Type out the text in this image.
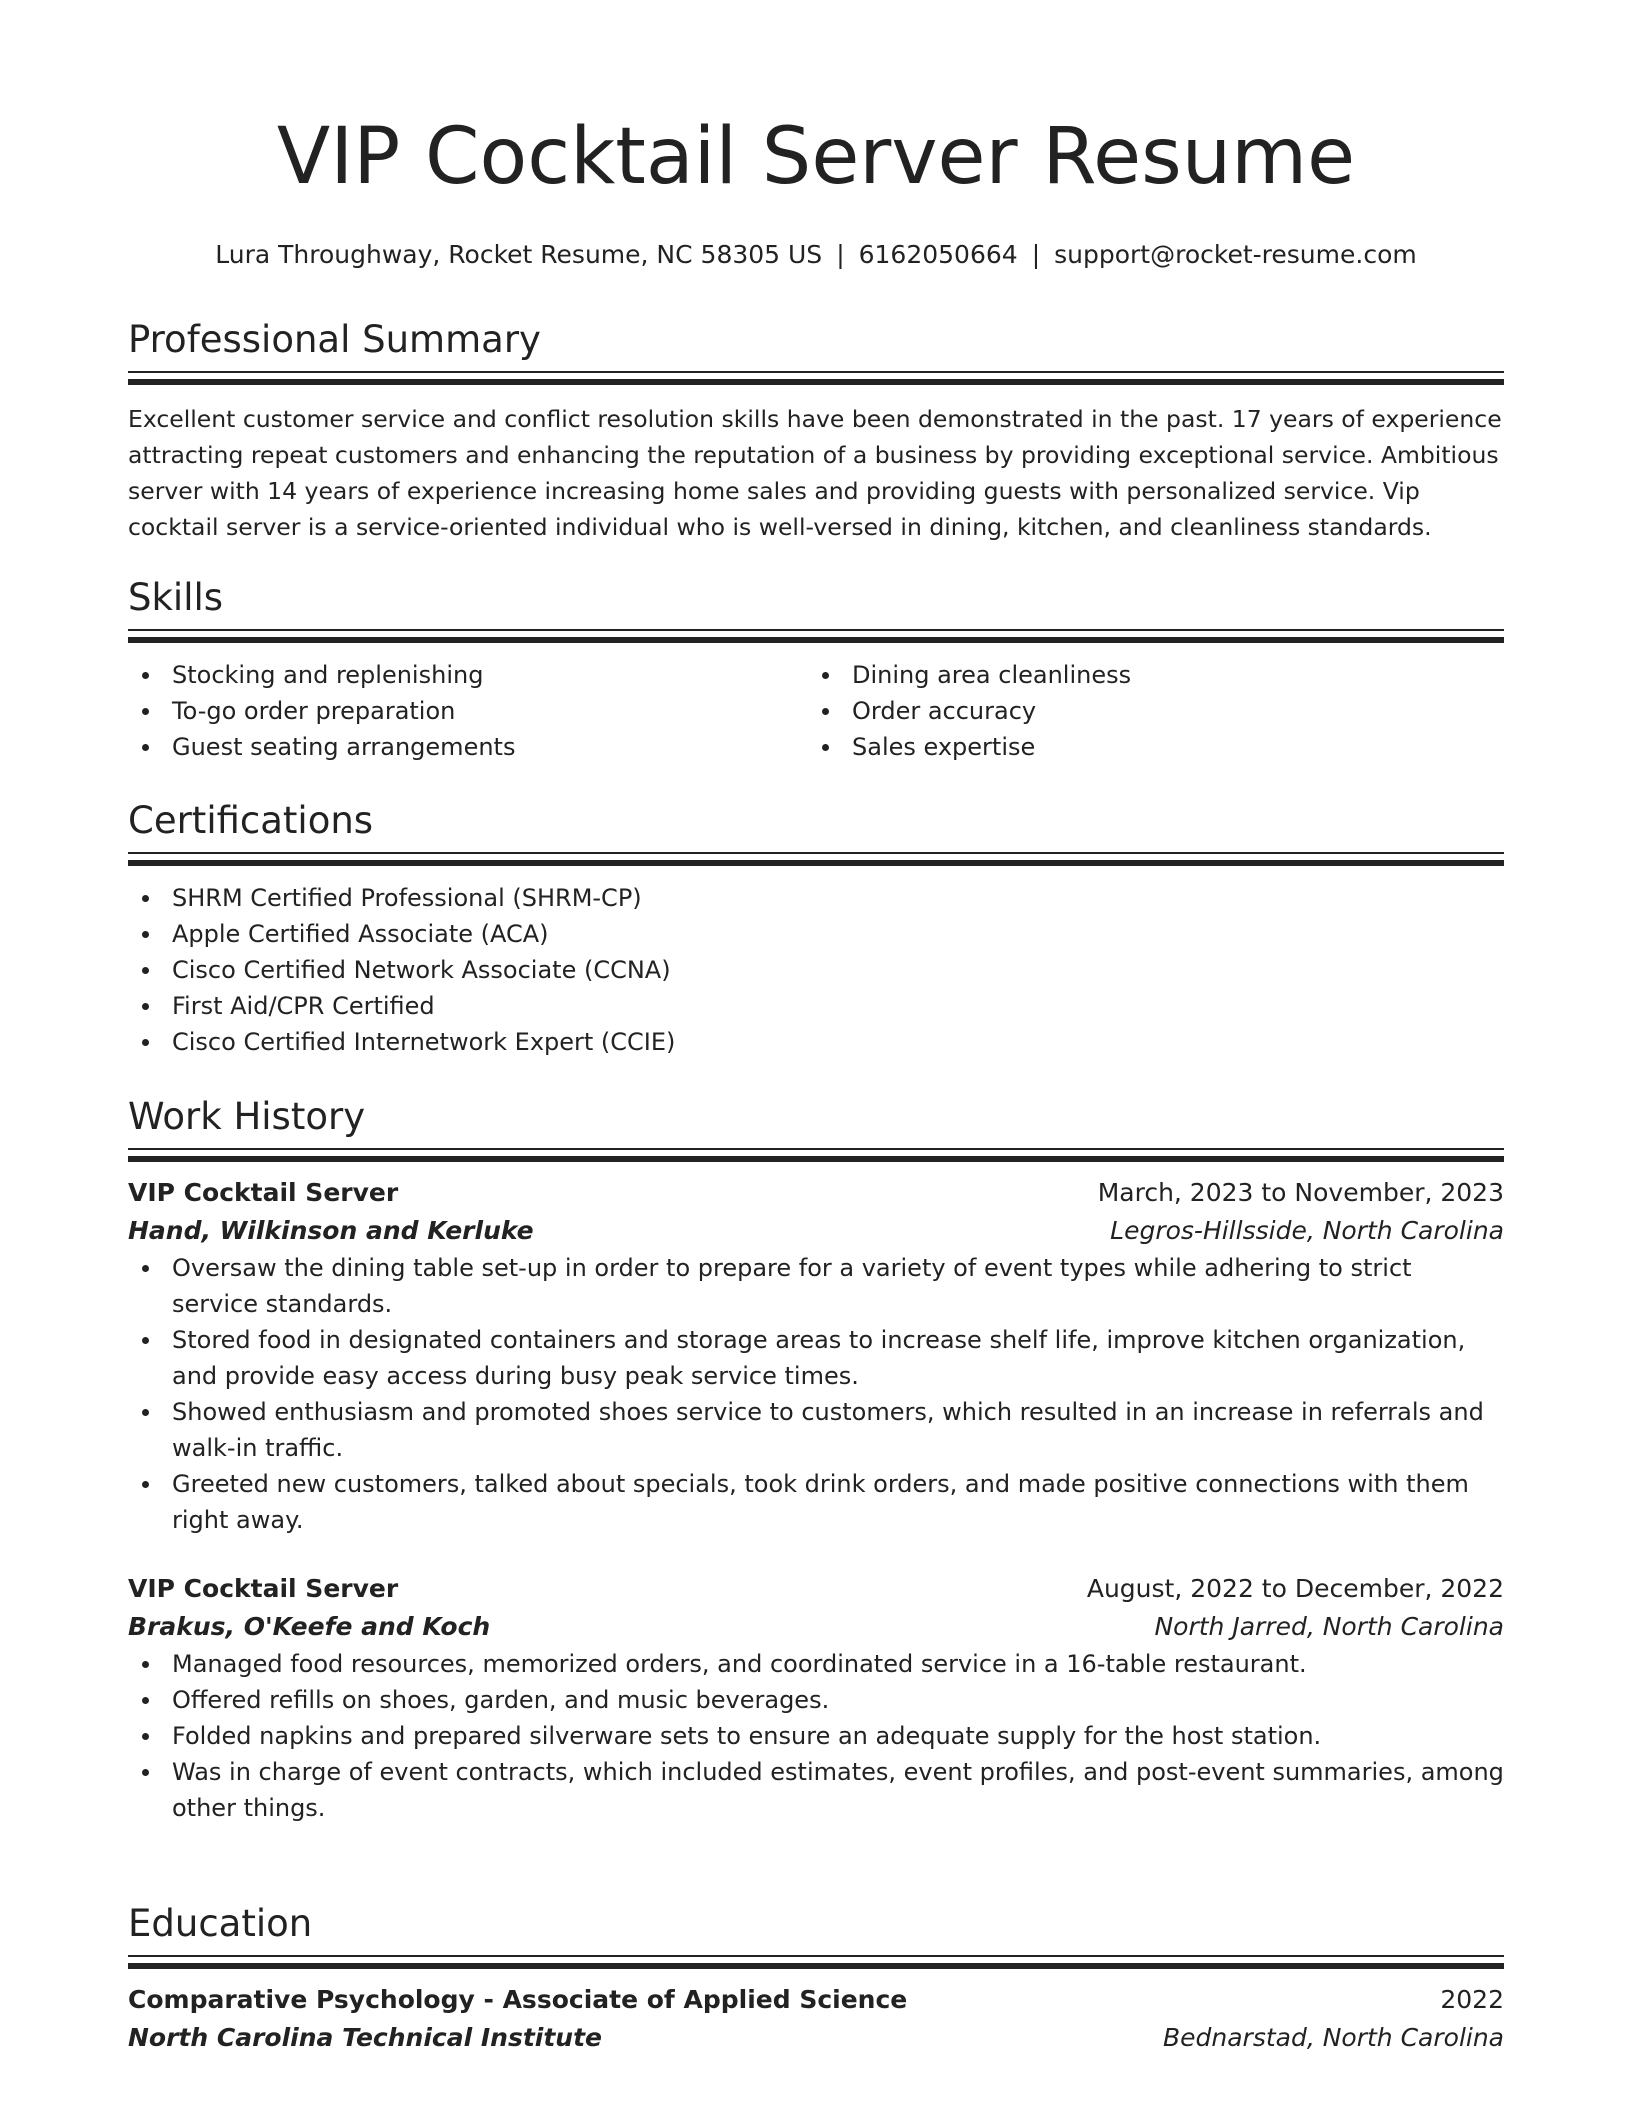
VIP Cocktail Server Resume
Lura Throughway, Rocket Resume, NC 58305 US | 6162050664 | support@rocket-resume.com
Professional Summary
Excellent customer service and conflict resolution skills have been demonstrated in the past. 17 years of experience attracting repeat customers and enhancing the reputation of a business by providing exceptional service. Ambitious server with 14 years of experience increasing home sales and providing guests with personalized service. Vip cocktail server is a service-oriented individual who is well-versed in dining, kitchen, and cleanliness standards.
Skills
Stocking and replenishing
To-go order preparation
Guest seating arrangements
Dining area cleanliness
Order accuracy
Sales expertise
Certifications
SHRM Certified Professional (SHRM-CP)
Apple Certified Associate (ACA)
Cisco Certified Network Associate (CCNA)
First Aid/CPR Certified
Cisco Certified Internetwork Expert (CCIE)
Work History
VIP Cocktail Server	March, 2023 to November, 2023
Hand, Wilkinson and Kerluke	Legros-Hillsside, North Carolina
Oversaw the dining table set-up in order to prepare for a variety of event types while adhering to strict service standards.
Stored food in designated containers and storage areas to increase shelf life, improve kitchen organization, and provide easy access during busy peak service times.
Showed enthusiasm and promoted shoes service to customers, which resulted in an increase in referrals and walk-in traffic.
Greeted new customers, talked about specials, took drink orders, and made positive connections with them right away.
VIP Cocktail Server	August, 2022 to December, 2022
Brakus, O'Keefe and Koch	North Jarred, North Carolina
Managed food resources, memorized orders, and coordinated service in a 16-table restaurant.
Offered refills on shoes, garden, and music beverages.
Folded napkins and prepared silverware sets to ensure an adequate supply for the host station.
Was in charge of event contracts, which included estimates, event profiles, and post-event summaries, among other things.
Education
Comparative Psychology - Associate of Applied Science	2022
North Carolina Technical Institute	Bednarstad, North Carolina
